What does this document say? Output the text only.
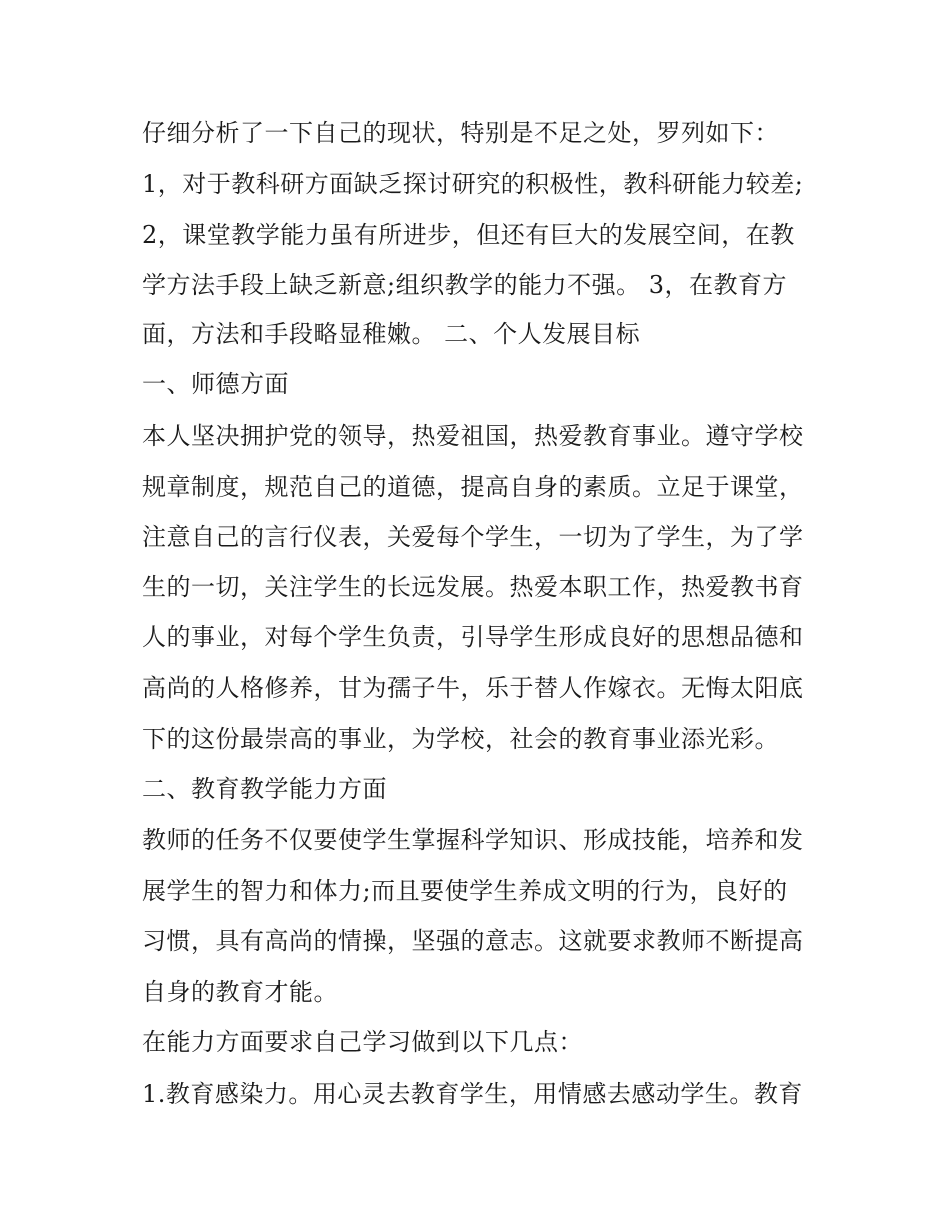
仔细分析了一下自己的现状，特别是不足之处，罗列如下：
1，对于教科研方面缺乏探讨研究的积极性，教科研能力较差;
2，课堂教学能力虽有所进步，但还有巨大的发展空间，在教
学方法手段上缺乏新意;组织教学的能力不强。 3，在教育方
面，方法和手段略显稚嫩。 二、个人发展目标
一、师德方面
本人坚决拥护党的领导，热爱祖国，热爱教育事业。遵守学校
规章制度，规范自己的道德，提高自身的素质。立足于课堂，
注意自己的言行仪表，关爱每个学生，一切为了学生，为了学
生的一切，关注学生的长远发展。热爱本职工作，热爱教书育
人的事业，对每个学生负责，引导学生形成良好的思想品德和
高尚的人格修养，甘为孺子牛，乐于替人作嫁衣。无悔太阳底
下的这份最崇高的事业，为学校，社会的教育事业添光彩。
二、教育教学能力方面
教师的任务不仅要使学生掌握科学知识、形成技能，培养和发
展学生的智力和体力;而且要使学生养成文明的行为，良好的
习惯，具有高尚的情操，坚强的意志。这就要求教师不断提高
自身的教育才能。
在能力方面要求自己学习做到以下几点：
1.教育感染力。用心灵去教育学生，用情感去感动学生。教育
